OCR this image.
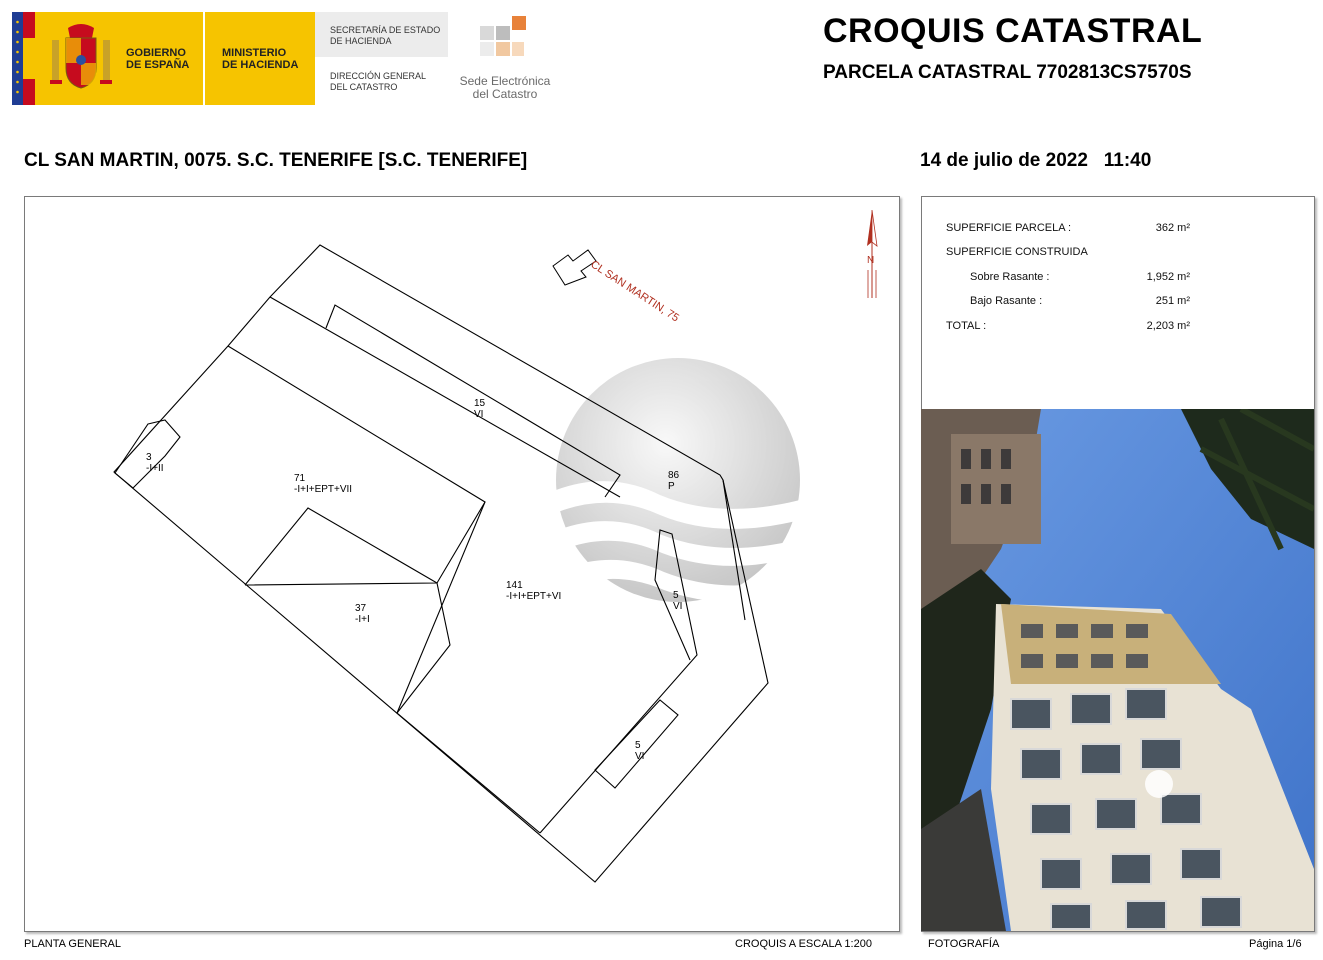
GOBIERNO DE ESPAÑA
MINISTERIO DE HACIENDA
SECRETARÍA DE ESTADO DE HACIENDA
DIRECCIÓN GENERAL DEL CATASTRO	Sede Electrónica
del Catastro
CROQUIS CATASTRAL
PARCELA CATASTRAL 7702813CS7570S
CL SAN MARTIN, 0075. S.C. TENERIFE [S.C. TENERIFE]	14 de julio de 2022   11:40
15
VI
3
-I+II
71
-I+I+EPT+VII
86
P
141
-I+I+EPT+VI
37
-I+I
5
VI
5
VI
CL SAN MARTIN, 75	N
SUPERFICIE PARCELA :	362 m²
SUPERFICIE CONSTRUIDA
Sobre Rasante :	1,952 m²
Bajo Rasante :	251 m²
TOTAL :	2,203 m²
PLANTA GENERAL	CROQUIS A ESCALA 1:200	FOTOGRAFÍA	Página 1/6
